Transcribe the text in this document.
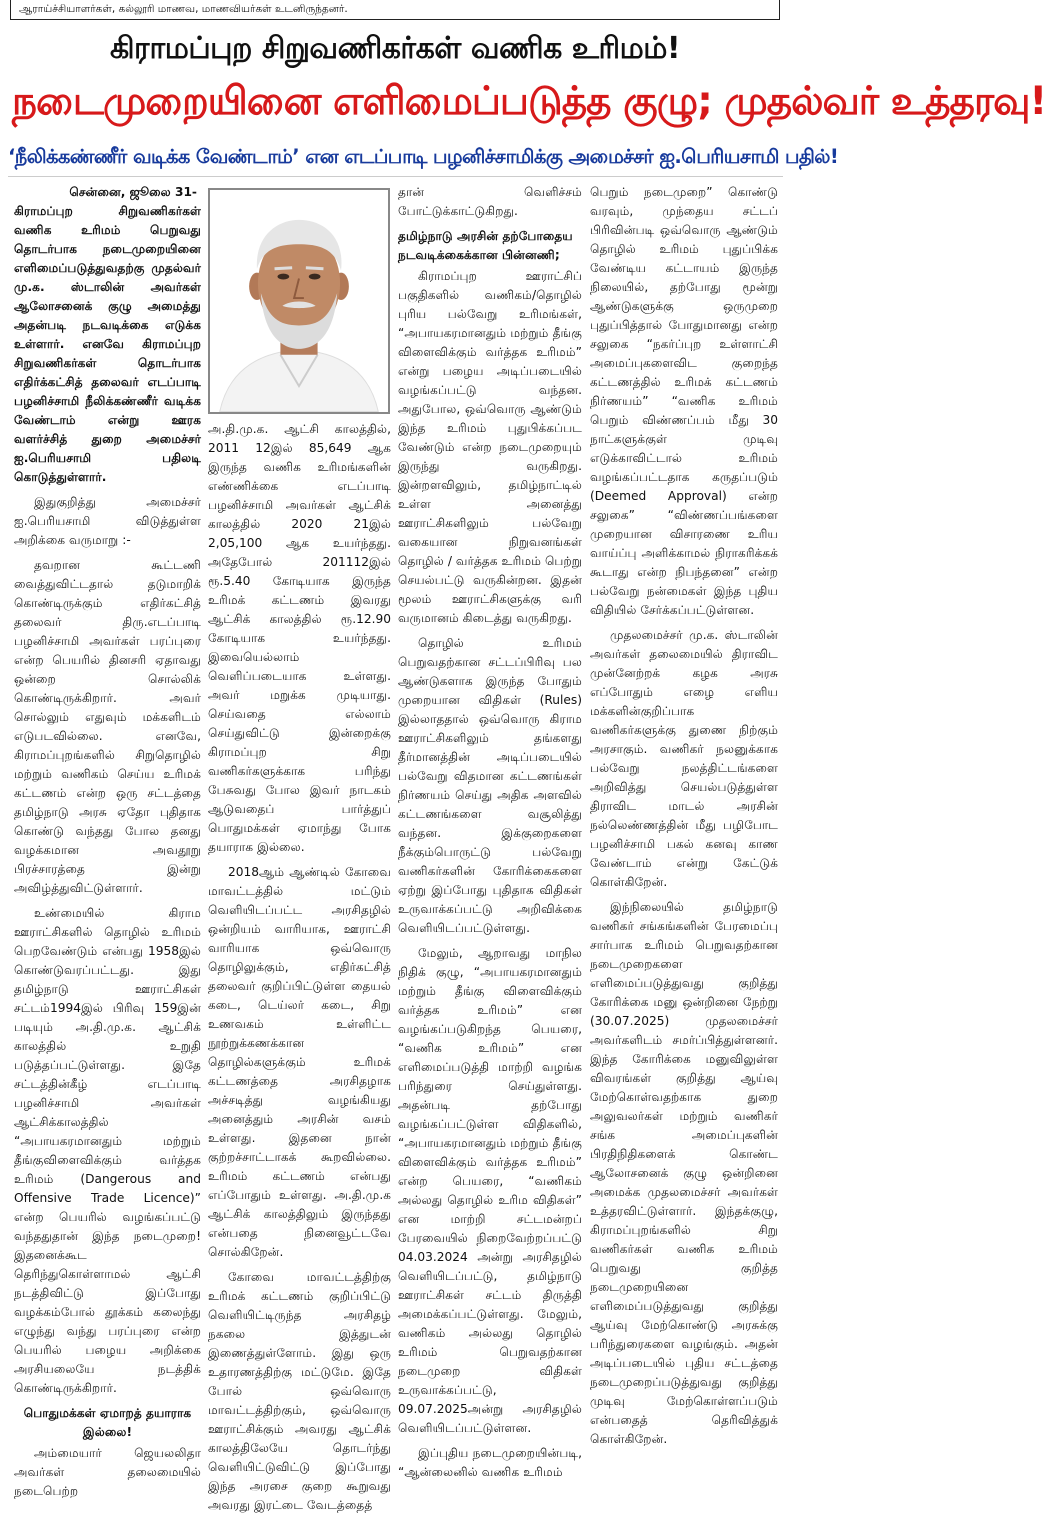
ஆராய்ச்சியாளர்கள், கல்லூரி மாணவ, மாணவியர்கள் உடனிருந்தனர்.
கிராமப்புற சிறுவணிகர்கள் வணிக உரிமம்!
நடைமுறையினை எளிமைப்படுத்த குழு; முதல்வர் உத்தரவு!
‘நீலிக்கண்ணீர் வடிக்க வேண்டாம்’ என எடப்பாடி பழனிச்சாமிக்கு அமைச்சர் ஐ.பெரியசாமி பதில்!

சென்னை, ஜூலை 31-

கிராமப்புற சிறுவணிகர்கள் வணிக உரிமம் பெறுவது தொடர்பாக நடைமுறையினை எளிமைப்படுத்துவதற்கு முதல்வர் மு.க. ஸ்டாலின் அவர்கள் ஆலோசனைக் குழு அமைத்து அதன்படி நடவடிக்கை எடுக்க உள்ளார். எனவே கிராமப்புற சிறுவணிகர்கள் தொடர்பாக எதிர்க்கட்சித் தலைவர் எடப்பாடி பழனிச்சாமி நீலிக்கண்ணீர் வடிக்க வேண்டாம் என்று ஊரக வளர்ச்சித் துறை அமைச்சர் ஐ.பெரியசாமி பதிலடி கொடுத்துள்ளார்.

இதுகுறித்து அமைச்சர் ஐ.பெரியசாமி விடுத்துள்ள அறிக்கை வருமாறு :-

தவறான கூட்டணி வைத்துவிட்டதால் தடுமாறிக் கொண்டிருக்கும் எதிர்கட்சித் தலைவர் திரு.எடப்பாடி பழனிச்சாமி அவர்கள் பரப்புரை என்ற பெயரில் தினசரி ஏதாவது ஒன்றை சொல்லிக் கொண்டிருக்கிறார். அவர் சொல்லும் எதுவும் மக்களிடம் எடுபடவில்லை. எனவே, கிராமப்புறங்களில் சிறுதொழில் மற்றும் வணிகம் செய்ய உரிமக் கட்டணம் என்ற ஒரு சட்டத்தை தமிழ்நாடு அரசு ஏதோ புதிதாக கொண்டு வந்தது போல தனது வழக்கமான அவதூறு பிரச்சாரத்தை இன்று அவிழ்த்துவிட்டுள்ளார்.

உண்மையில் கிராம ஊராட்சிகளில் தொழில் உரிமம் பெறவேண்டும் என்பது 1958இல் கொண்டுவரப்பட்டது. இது தமிழ்நாடு ஊராட்சிகள் சட்டம்1994இல் பிரிவு 159இன் படியும் அ.தி.மு.க. ஆட்சிக் காலத்தில் உறுதி படுத்தப்பட்டுள்ளது. இதே சட்டத்தின்கீழ் எடப்பாடி பழனிச்சாமி அவர்கள் ஆட்சிக்காலத்தில் “அபாயகரமானதும் மற்றும் தீங்குவிளைவிக்கும் வர்த்தக உரிமம் (Dangerous and Offensive Trade Licence)” என்ற பெயரில் வழங்கப்பட்டு வந்ததுதான் இந்த நடைமுறை! இதனைக்கூட தெரிந்துகொள்ளாமல் ஆட்சி நடத்திவிட்டு இப்போது வழக்கம்போல் தூக்கம் கலைந்து எழுந்து வந்து பரப்புரை என்ற பெயரில் பழைய அறிக்கை அரசியலையே நடத்திக் கொண்டிருக்கிறார்.

பொதுமக்கள் ஏமாறத் தயாராக இல்லை!

அம்மையார் ஜெயலலிதா அவர்கள் தலைமையில் நடைபெற்ற

அ.தி.மு.க. ஆட்சி காலத்தில், 2011 12இல் 85,649 ஆக இருந்த வணிக உரிமங்களின் எண்ணிக்கை எடப்பாடி பழனிச்சாமி அவர்கள் ஆட்சிக் காலத்தில் 2020 21இல் 2,05,100 ஆக உயர்ந்தது. அதேபோல் 201112இல் ரூ.5.40 கோடியாக இருந்த உரிமக் கட்டணம் இவரது ஆட்சிக் காலத்தில் ரூ.12.90 கோடியாக உயர்ந்தது. இவையெல்லாம் வெளிப்படையாக உள்ளது. அவர் மறுக்க முடியாது. செய்வதை எல்லாம் செய்துவிட்டு இன்றைக்கு கிராமப்புற சிறு வணிகர்களுக்காக பரிந்து பேசுவது போல இவர் நாடகம் ஆடுவதைப் பார்த்துப் பொதுமக்கள் ஏமாந்து போக தயாராக இல்லை.

2018ஆம் ஆண்டில் கோவை மாவட்டத்தில் மட்டும் வெளியிடப்பட்ட அரசிதழில் ஒன்றியம் வாரியாக, ஊராட்சி வாரியாக ஒவ்வொரு தொழிலுக்கும், எதிர்கட்சித் தலைவர் குறிப்பிட்டுள்ள தையல் கடை, டெய்லர் கடை, சிறு உணவகம் உள்ளிட்ட நூற்றுக்கணக்கான தொழில்களுக்கும் உரிமக் கட்டணத்தை அரசிதழாக அச்சடித்து வழங்கியது அனைத்தும் அரசின் வசம் உள்ளது. இதனை நான் குற்றச்சாட்டாகக் கூறவில்லை. உரிமம் கட்டணம் என்பது எப்போதும் உள்ளது. அ.தி.மு.க ஆட்சிக் காலத்திலும் இருந்தது என்பதை நினைவூட்டவே சொல்கிறேன்.

கோவை மாவட்டத்திற்கு உரிமக் கட்டணம் குறிப்பிட்டு வெளியிட்டிருந்த அரசிதழ் நகலை இத்துடன் இணைத்துள்ளோம். இது ஒரு உதாரணத்திற்கு மட்டுமே. இதே போல் ஒவ்வொரு மாவட்டத்திற்கும், ஒவ்வொரு ஊராட்சிக்கும் அவரது ஆட்சிக் காலத்திலேயே தொடர்ந்து வெளியிட்டுவிட்டு இப்போது இந்த அரசை குறை கூறுவது அவரது இரட்டை வேடத்தைத்

தான் வெளிச்சம் போட்டுக்காட்டுகிறது.

தமிழ்நாடு அரசின் தற்போதைய நடவடிக்கைக்கான பின்னணி;

கிராமப்புற ஊராட்சிப் பகுதிகளில் வணிகம்/தொழில் புரிய பல்வேறு உரிமங்கள், “அபாயகரமானதும் மற்றும் தீங்கு விளைவிக்கும் வர்த்தக உரிமம்” என்று பழைய அடிப்படையில் வழங்கப்பட்டு வந்தன. அதுபோல, ஒவ்வொரு ஆண்டும் இந்த உரிமம் புதுபிக்கப்பட வேண்டும் என்ற நடைமுறையும் இருந்து வருகிறது. இன்றளவிலும், தமிழ்நாட்டில் உள்ள அனைத்து ஊராட்சிகளிலும் பல்வேறு வகையான நிறுவனங்கள் தொழில் / வர்த்தக உரிமம் பெற்று செயல்பட்டு வருகின்றன. இதன் மூலம் ஊராட்சிகளுக்கு வரி வருமானம் கிடைத்து வருகிறது.

தொழில் உரிமம் பெறுவதற்கான சட்டப்பிரிவு பல ஆண்டுகளாக இருந்த போதும் முறையான விதிகள் (Rules) இல்லாததால் ஒவ்வொரு கிராம ஊராட்சிகளிலும் தங்களது தீர்மானத்தின் அடிப்படையில் பல்வேறு விதமான கட்டணங்கள் நிர்ணயம் செய்து அதிக அளவில் கட்டணங்களை வசூலித்து வந்தன. இக்குறைகளை நீக்கும்பொருட்டு பல்வேறு வணிகர்களின் கோரிக்கைகளை ஏற்று இப்போது புதிதாக விதிகள் உருவாக்கப்பட்டு அறிவிக்கை வெளியிடப்பட்டுள்ளது.

மேலும், ஆறாவது மாநில நிதிக் குழு, “அபாயகரமானதும் மற்றும் தீங்கு விளைவிக்கும் வர்த்தக உரிமம்” என வழங்கப்படுகிறந்த பெயரை, “வணிக உரிமம்” என எளிமைப்படுத்தி மாற்றி வழங்க பரிந்துரை செய்துள்ளது. அதன்படி தற்போது வழங்கப்பட்டுள்ள விதிகளில், “அபாயகரமானதும் மற்றும் தீங்கு விளைவிக்கும் வர்த்தக உரிமம்” என்ற பெயரை, “வணிகம் அல்லது தொழில் உரிம விதிகள்” என மாற்றி சட்டமன்றப் பேரவையில் நிறைவேற்றப்பட்டு 04.03.2024 அன்று அரசிதழில் வெளியிடப்பட்டு, தமிழ்நாடு ஊராட்சிகள் சட்டம் திருத்தி அமைக்கப்பட்டுள்ளது. மேலும், வணிகம் அல்லது தொழில் உரிமம் பெறுவதற்கான நடைமுறை விதிகள் உருவாக்கப்பட்டு, 09.07.2025அன்று அரசிதழில் வெளியிடப்பட்டுள்ளன.

இப்புதிய நடைமுறையின்படி, “ஆன்லைனில் வணிக உரிமம்

பெறும் நடைமுறை” கொண்டு வரவும், முந்தைய சட்டப் பிரிவின்படி ஒவ்வொரு ஆண்டும் தொழில் உரிமம் புதுப்பிக்க வேண்டிய கட்டாயம் இருந்த நிலையில், தற்போது மூன்று ஆண்டுகளுக்கு ஒருமுறை புதுப்பித்தால் போதுமானது என்ற சலுகை “நகர்ப்புற உள்ளாட்சி அமைப்புகளைவிட குறைந்த கட்டணத்தில் உரிமக் கட்டணம் நிர்ணயம்” “வணிக உரிமம் பெறும் விண்ணப்பம் மீது 30 நாட்களுக்குள் முடிவு எடுக்காவிட்டால் உரிமம் வழங்கப்பட்டதாக கருதப்படும் (Deemed Approval) என்ற சலுகை” “விண்ணப்பங்களை முறையான விசாரணை உரிய வாய்ப்பு அளிக்காமல் நிராகரிக்கக் கூடாது என்ற நிபந்தனை” என்ற பல்வேறு நன்மைகள் இந்த புதிய விதியில் சேர்க்கப்பட்டுள்ளன.

முதலமைச்சர் மு.க. ஸ்டாலின் அவர்கள் தலைமையில் திராவிட முன்னேற்றக் கழக அரசு எப்போதும் எழை எளிய மக்களின்குறிப்பாக வணிகர்களுக்கு துணை நிற்கும் அரசாகும். வணிகர் நலனுக்காக பல்வேறு நலத்திட்டங்களை அறிவித்து செயல்படுத்துள்ள திராவிட மாடல் அரசின் நல்லெண்ணத்தின் மீது பழிபோட பழனிச்சாமி பகல் கனவு காண வேண்டாம் என்று கேட்டுக் கொள்கிறேன்.

இந்நிலையில் தமிழ்நாடு வணிகர் சங்கங்களின் பேரமைப்பு சார்பாக உரிமம் பெறுவதற்கான நடைமுறைகளை எளிமைப்படுத்துவது குறித்து கோரிக்கை மனு ஒன்றினை நேற்று (30.07.2025) முதலமைச்சர் அவர்களிடம் சமர்ப்பித்துள்ளனர். இந்த கோரிக்கை மனுவிலுள்ள விவரங்கள் குறித்து ஆய்வு மேற்கொள்வதற்காக துறை அலுவலர்கள் மற்றும் வணிகர் சங்க அமைப்புகளின் பிரதிநிதிகளைக் கொண்ட ஆலோசனைக் குழு ஒன்றினை அமைக்க முதலமைச்சர் அவர்கள் உத்தரவிட்டுள்ளார். இந்தக்குழு, கிராமப்புறங்களில் சிறு வணிகர்கள் வணிக உரிமம் பெறுவது குறித்த நடைமுறையினை எளிமைப்படுத்துவது குறித்து ஆய்வு மேற்கொண்டு அரசுக்கு பரிந்துரைகளை வழங்கும். அதன் அடிப்படையில் புதிய சட்டத்தை நடைமுறைப்படுத்துவது குறித்து முடிவு மேற்கொள்ளப்படும் என்பதைத் தெரிவித்துக் கொள்கிறேன்.
